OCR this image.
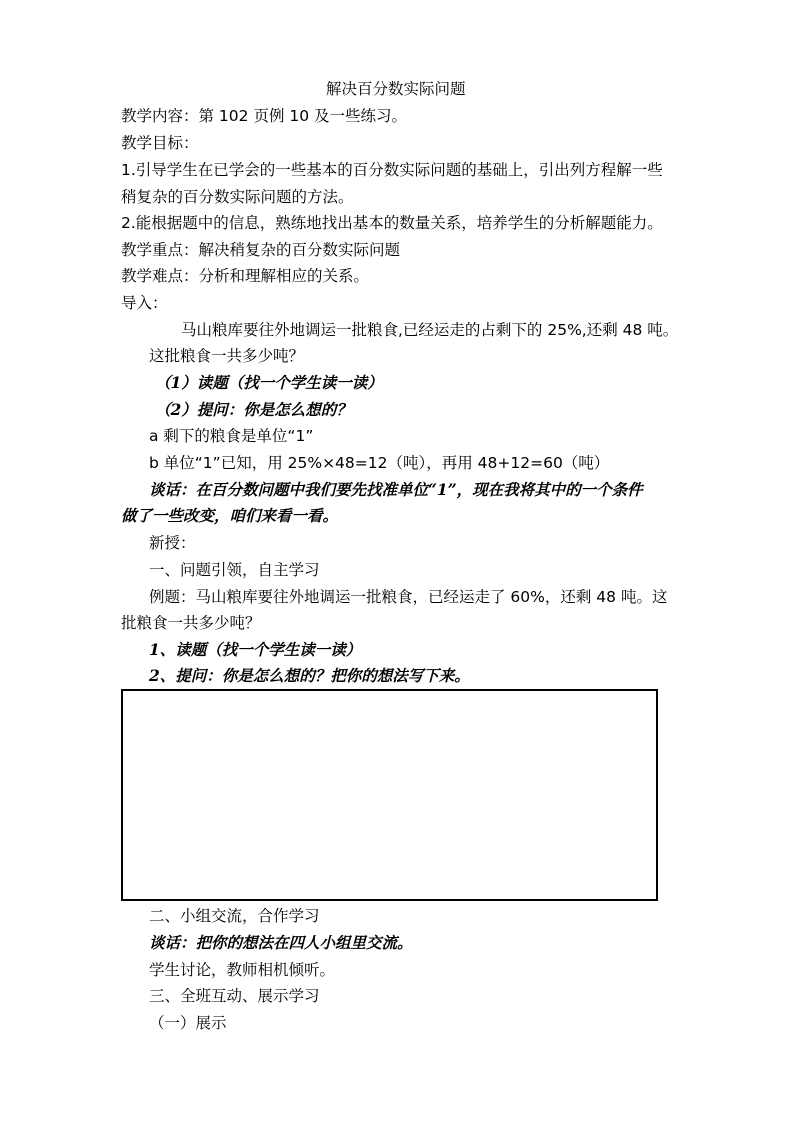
解决百分数实际问题
教学内容：第 102 页例 10 及一些练习。
教学目标：
1.引导学生在已学会的一些基本的百分数实际问题的基础上，引出列方程解一些
稍复杂的百分数实际问题的方法。
2.能根据题中的信息，熟练地找出基本的数量关系，培养学生的分析解题能力。
教学重点：解决稍复杂的百分数实际问题
教学难点：分析和理解相应的关系。
导入：
马山粮库要往外地调运一批粮食,已经运走的占剩下的 25%,还剩 48 吨。
这批粮食一共多少吨？
（1）读题（找一个学生读一读）
（2）提问：你是怎么想的？
a 剩下的粮食是单位“1”
b 单位“1”已知，用 25%×48=12（吨），再用 48+12=60（吨）
谈话：在百分数问题中我们要先找准单位“1”，现在我将其中的一个条件
做了一些改变，咱们来看一看。
新授：
一、问题引领，自主学习
例题：马山粮库要往外地调运一批粮食，已经运走了 60%，还剩 48 吨。这
批粮食一共多少吨？
1、读题（找一个学生读一读）
2、提问：你是怎么想的？把你的想法写下来。
二、小组交流，合作学习
谈话：把你的想法在四人小组里交流。
学生讨论，教师相机倾听。
三、全班互动、展示学习
（一）展示
